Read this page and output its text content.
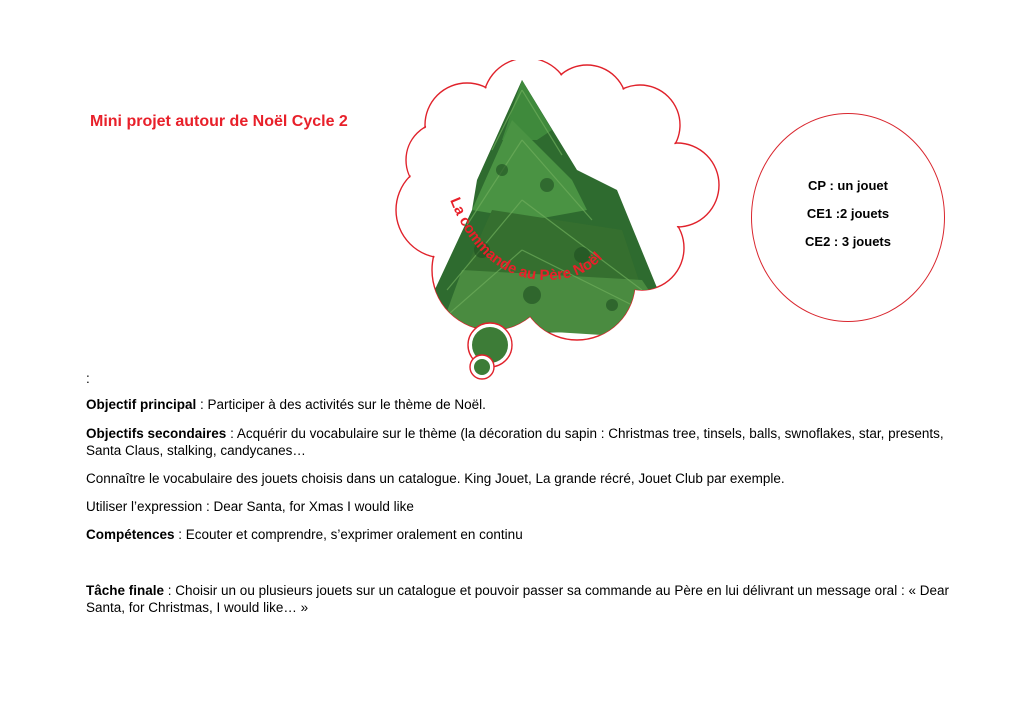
Mini projet autour de Noël Cycle 2
La commande au Père Noël

CP : un jouet

CE1 :2 jouets

CE2 : 3 jouets

:
Objectif principal : Participer à des activités sur le thème de Noël.
Objectifs secondaires : Acquérir du vocabulaire sur le thème (la décoration du sapin : Christmas tree, tinsels, balls, swnoflakes, star, presents, Santa Claus, stalking, candycanes…
Connaître le vocabulaire des jouets choisis dans un catalogue. King Jouet, La grande récré, Jouet Club par exemple.
Utiliser l’expression : Dear Santa, for Xmas I would like
Compétences : Ecouter et comprendre, s’exprimer oralement en continu
Tâche finale : Choisir un ou plusieurs jouets sur un catalogue et pouvoir passer sa commande au Père en lui délivrant un message oral : « Dear Santa, for Christmas, I would like… »
